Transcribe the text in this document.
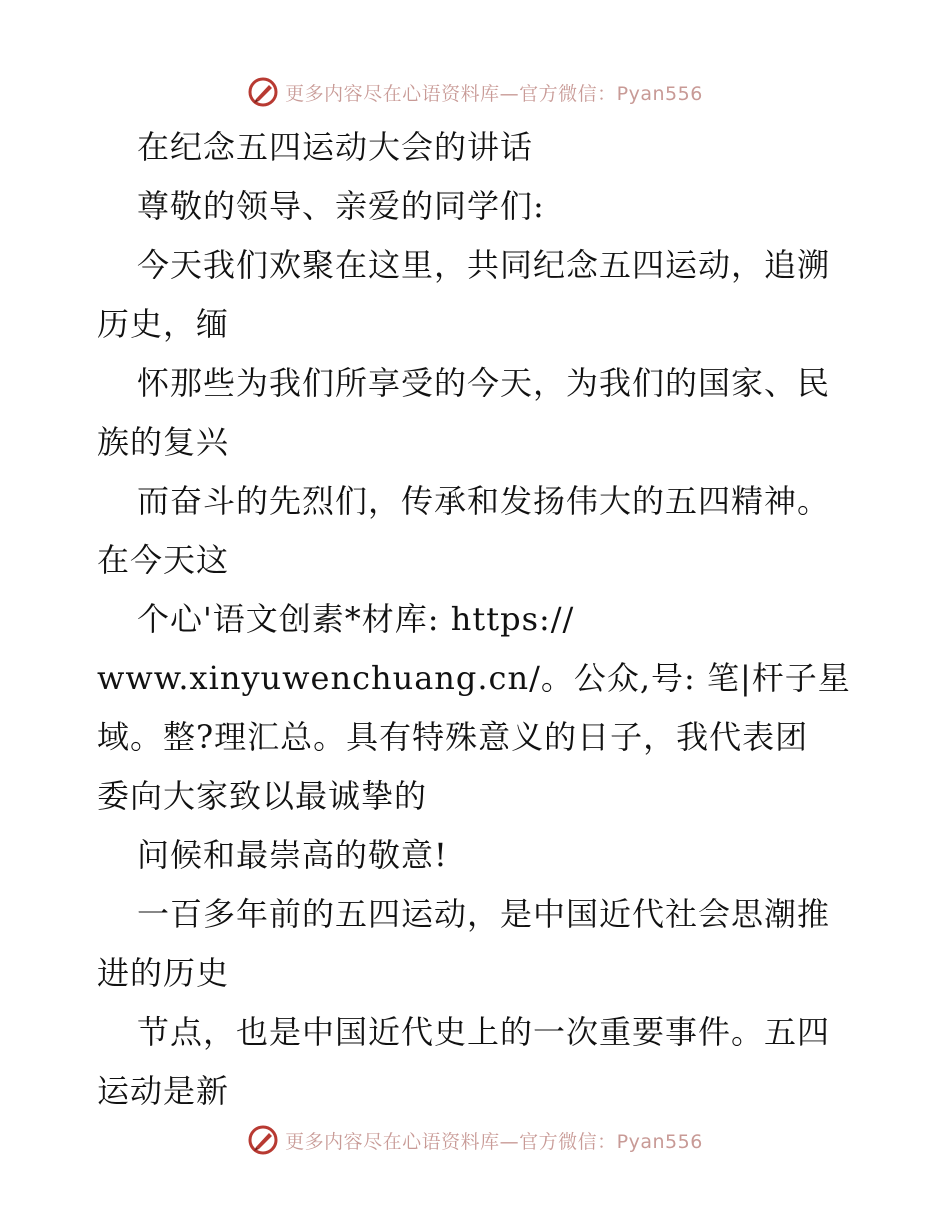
更多内容尽在心语资料库—官方微信：Pyan556
在纪念五四运动大会的讲话
尊敬的领导、亲爱的同学们:
今天我们欢聚在这里，共同纪念五四运动，追溯
历史，缅
怀那些为我们所享受的今天，为我们的国家、民
族的复兴
而奋斗的先烈们，传承和发扬伟大的五四精神。
在今天这
个心'语文创素*材库: https://
www.xinyuwenchuang.cn/。公众,号: 笔|杆子星
域。整?理汇总。具有特殊意义的日子，我代表团
委向大家致以最诚挚的
问候和最崇高的敬意!
一百多年前的五四运动，是中国近代社会思潮推
进的历史
节点，也是中国近代史上的一次重要事件。五四
运动是新
更多内容尽在心语资料库—官方微信：Pyan556
